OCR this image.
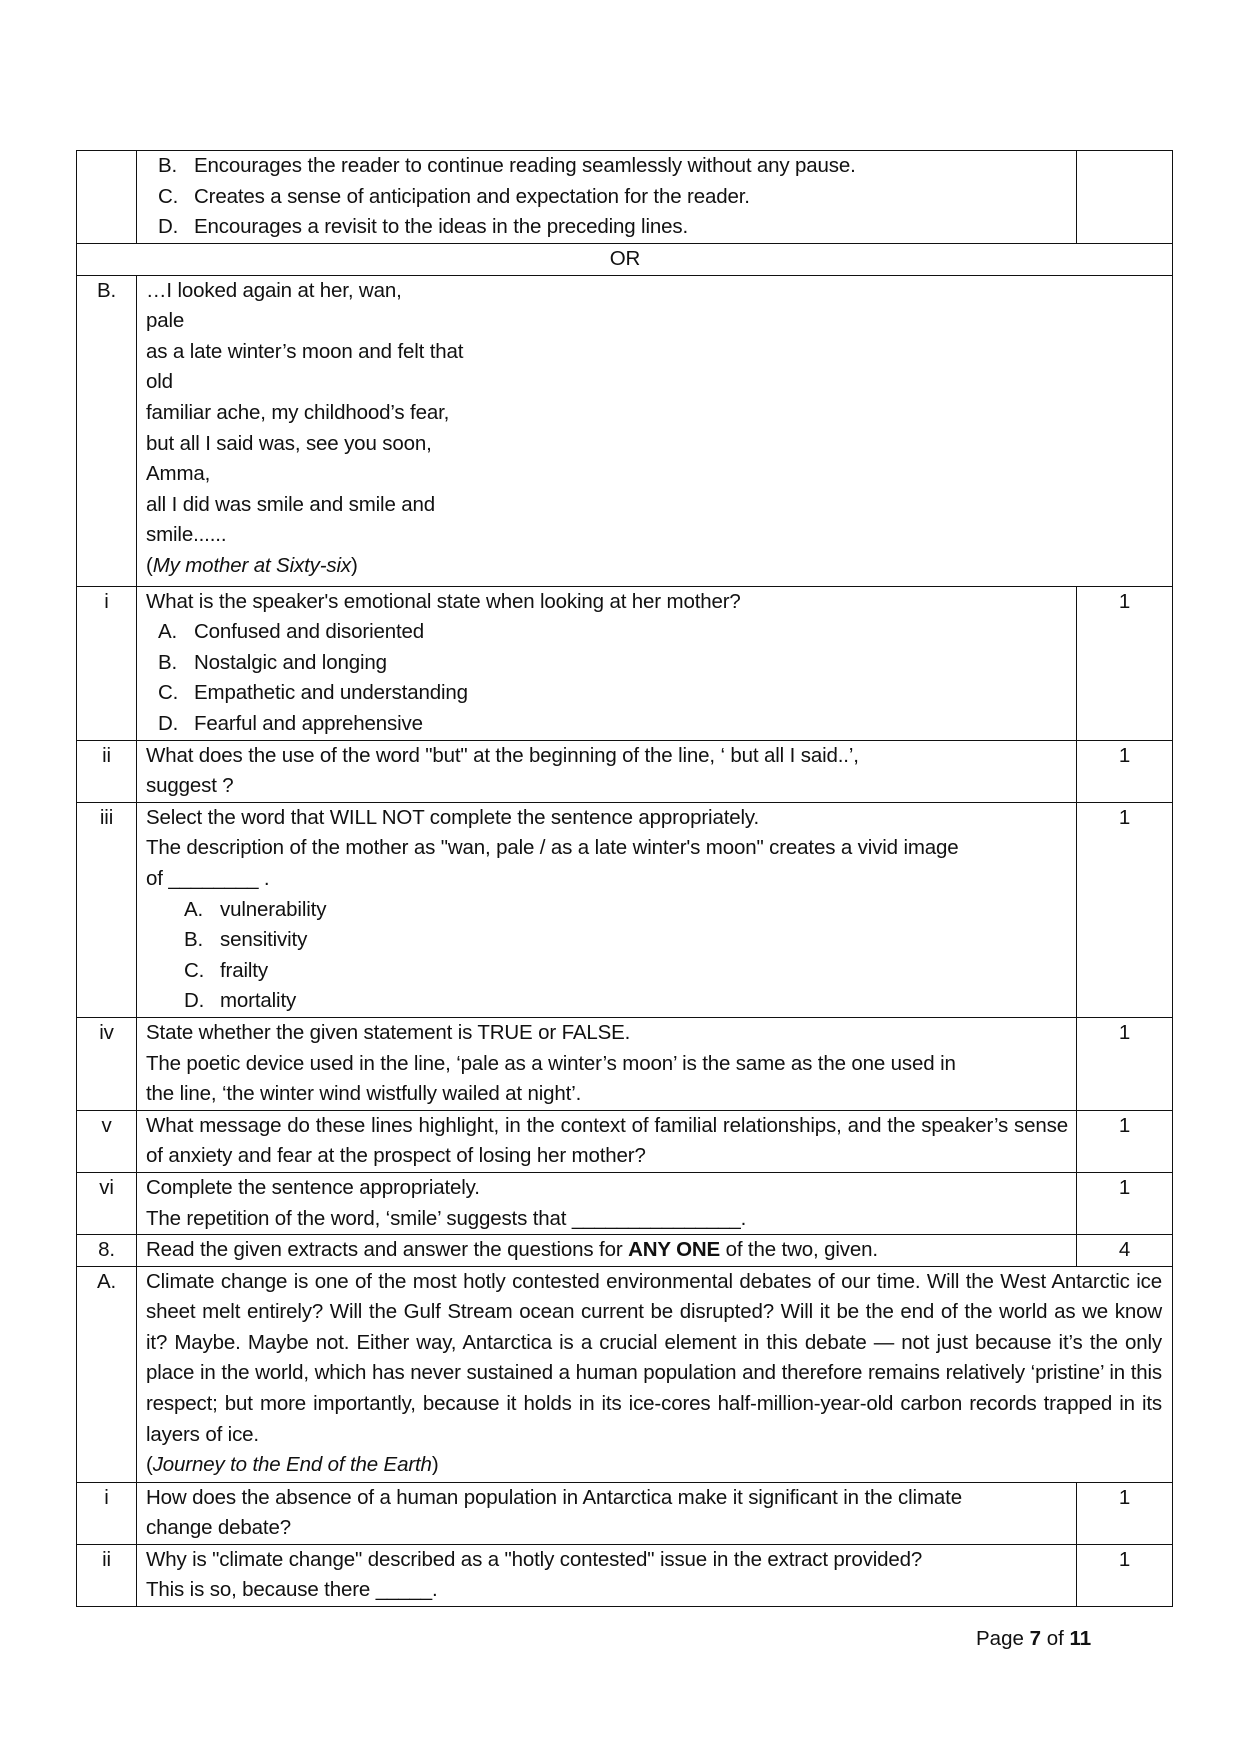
	B. Encourages the reader to continue reading seamlessly without any pause.
C. Creates a sense of anticipation and expectation for the reader.
D. Encourages a revisit to the ideas in the preceding lines.	

OR		
B.	…I looked again at her, wan,
pale
as a late winter’s moon and felt that
old
familiar ache, my childhood’s fear,
but all I said was, see you soon,
Amma,
all I did was smile and smile and
smile......
(My mother at Sixty-six)

i	What is the speaker's emotional state when looking at her mother?
A. Confused and disoriented
B. Nostalgic and longing
C. Empathetic and understanding
D. Fearful and apprehensive	1
ii	What does the use of the word "but" at the beginning of the line, ‘ but all I said..’,
suggest ?	1
iii	Select the word that WILL NOT complete the sentence appropriately.
The description of the mother as "wan, pale / as a late winter's moon" creates a vivid image
of ________ .
A. vulnerability
B. sensitivity
C. frailty
D. mortality
	1
iv	State whether the given statement is TRUE or FALSE.
The poetic device used in the line, ‘pale as a winter’s moon’ is the same as the one used in
the line, ‘the winter wind wistfully wailed at night’.	1
v	What message do these lines highlight, in the context of familial relationships, and the speaker’s sense of anxiety and fear at the prospect of losing her mother?	1
vi	Complete the sentence appropriately.
The repetition of the word, ‘smile’ suggests that _______________.	1
8.	Read the given extracts and answer the questions for ANY ONE of the two, given.	4
A.	Climate change is one of the most hotly contested environmental debates of our time. Will the West Antarctic ice sheet melt entirely? Will the Gulf Stream ocean current be disrupted? Will it be the end of the world as we know it? Maybe. Maybe not. Either way, Antarctica is a crucial element in this debate — not just because it’s the only place in the world, which has never sustained a human population and therefore remains relatively ‘pristine’ in this respect; but more importantly, because it holds in its ice-cores half-million-year-old carbon records trapped in its layers of ice.
(Journey to the End of the Earth)	

i	How does the absence of a human population in Antarctica make it significant in the climate
change debate?	1
ii	Why is "climate change" described as a "hotly contested" issue in the extract provided?
This is so, because there _____.	1
Page 7 of 11
